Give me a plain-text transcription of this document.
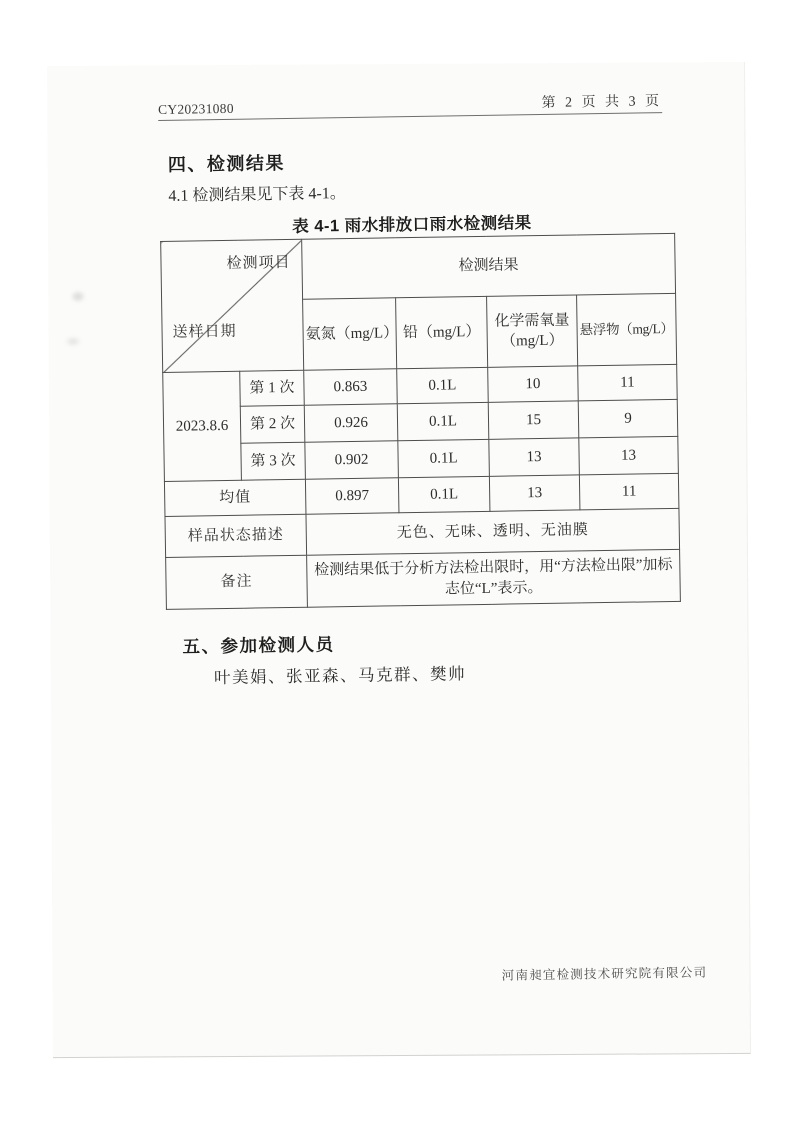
CY20231080	第 2 页 共 3 页
四、检测结果
4.1 检测结果见下表 4-1。
表 4-1 雨水排放口雨水检测结果
检测项目
送样日期		检测结果			
		氨氮（mg/L）	铅（mg/L）	化学需氧量（mg/L）	悬浮物（mg/L）
2023.8.6	第 1 次	0.863	0.1L	10	11
	第 2 次	0.926	0.1L	15	9
	第 3 次	0.902	0.1L	13	13
均值		0.897	0.1L	13	11
样品状态描述		无色、无味、透明、无油膜			
备注		检测结果低于分析方法检出限时，用“方法检出限”加标志位“L”表示。			
五、参加检测人员
叶美娟、张亚森、马克群、樊帅
河南昶宜检测技术研究院有限公司
